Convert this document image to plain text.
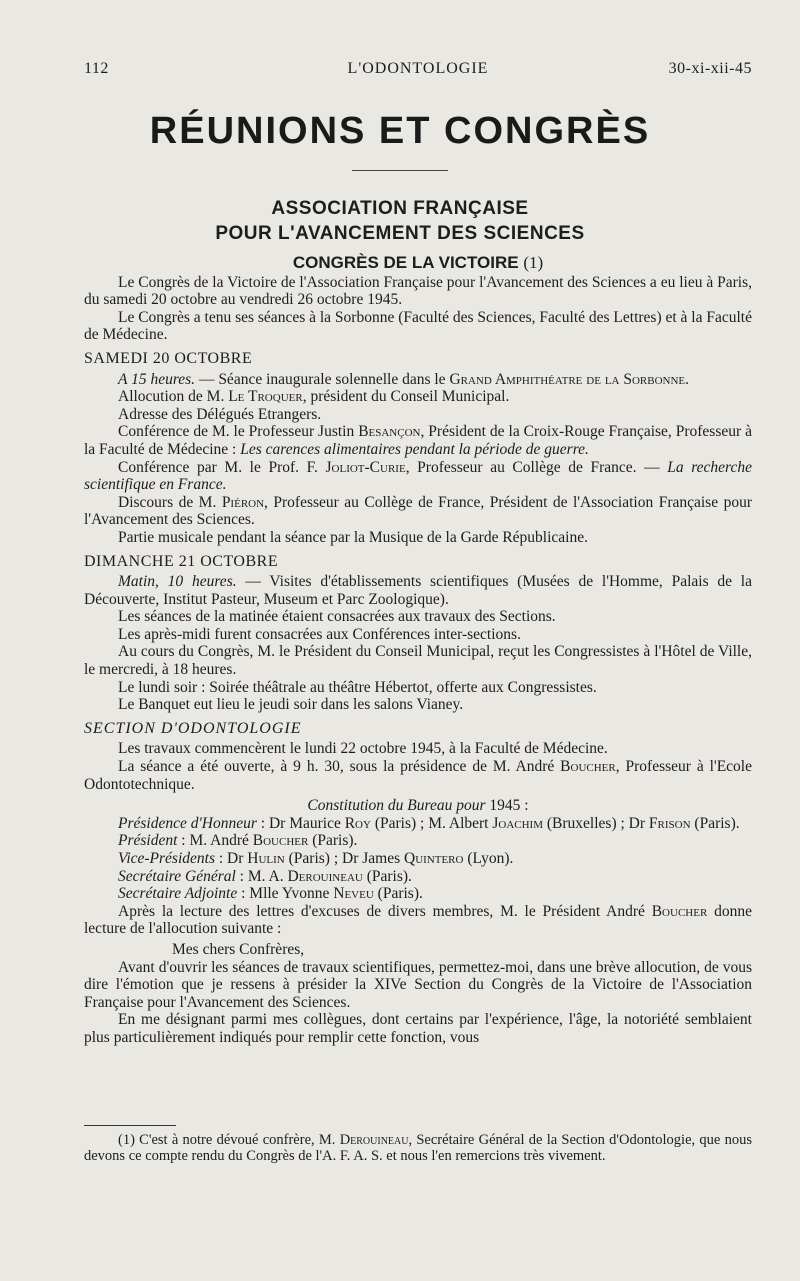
112	L'ODONTOLOGIE	30-xi-xii-45
RÉUNIONS ET CONGRÈS
ASSOCIATION FRANÇAISE
POUR L'AVANCEMENT DES SCIENCES

CONGRÈS DE LA VICTOIRE (1)

Le Congrès de la Victoire de l'Association Française pour l'Avancement des Sciences a eu lieu à Paris, du samedi 20 octobre au vendredi 26 octobre 1945.

Le Congrès a tenu ses séances à la Sorbonne (Faculté des Sciences, Faculté des Lettres) et à la Faculté de Médecine.

SAMEDI 20 OCTOBRE

A 15 heures. — Séance inaugurale solennelle dans le Grand Amphithéatre de la Sorbonne.

Allocution de M. Le Troquer, président du Conseil Municipal.

Adresse des Délégués Etrangers.

Conférence de M. le Professeur Justin Besançon, Président de la Croix-Rouge Française, Professeur à la Faculté de Médecine : Les carences alimentaires pendant la période de guerre.

Conférence par M. le Prof. F. Joliot-Curie, Professeur au Collège de France. — La recherche scientifique en France.

Discours de M. Piéron, Professeur au Collège de France, Président de l'Association Française pour l'Avancement des Sciences.

Partie musicale pendant la séance par la Musique de la Garde Républicaine.

DIMANCHE 21 OCTOBRE

Matin, 10 heures. — Visites d'établissements scientifiques (Musées de l'Homme, Palais de la Découverte, Institut Pasteur, Museum et Parc Zoologique).

Les séances de la matinée étaient consacrées aux travaux des Sections.

Les après-midi furent consacrées aux Conférences inter-sections.

Au cours du Congrès, M. le Président du Conseil Municipal, reçut les Congressistes à l'Hôtel de Ville, le mercredi, à 18 heures.

Le lundi soir : Soirée théâtrale au théâtre Hébertot, offerte aux Congressistes.

Le Banquet eut lieu le jeudi soir dans les salons Vianey.

SECTION D'ODONTOLOGIE

Les travaux commencèrent le lundi 22 octobre 1945, à la Faculté de Médecine.

La séance a été ouverte, à 9 h. 30, sous la présidence de M. André Boucher, Professeur à l'Ecole Odontotechnique.

Constitution du Bureau pour 1945 :

Présidence d'Honneur : Dr Maurice Roy (Paris) ; M. Albert Joachim (Bruxelles) ; Dr Frison (Paris).

Président : M. André Boucher (Paris).

Vice-Présidents : Dr Hulin (Paris) ; Dr James Quintero (Lyon).

Secrétaire Général : M. A. Derouineau (Paris).

Secrétaire Adjointe : Mlle Yvonne Neveu (Paris).

Après la lecture des lettres d'excuses de divers membres, M. le Président André Boucher donne lecture de l'allocution suivante :

Mes chers Confrères,

Avant d'ouvrir les séances de travaux scientifiques, permettez-moi, dans une brève allocution, de vous dire l'émotion que je ressens à présider la XIVe Section du Congrès de la Victoire de l'Association Française pour l'Avancement des Sciences.

En me désignant parmi mes collègues, dont certains par l'expérience, l'âge, la notoriété semblaient plus particulièrement indiqués pour remplir cette fonction, vous

(1) C'est à notre dévoué confrère, M. Derouineau, Secrétaire Général de la Section d'Odontologie, que nous devons ce compte rendu du Congrès de l'A. F. A. S. et nous l'en remercions très vivement.
